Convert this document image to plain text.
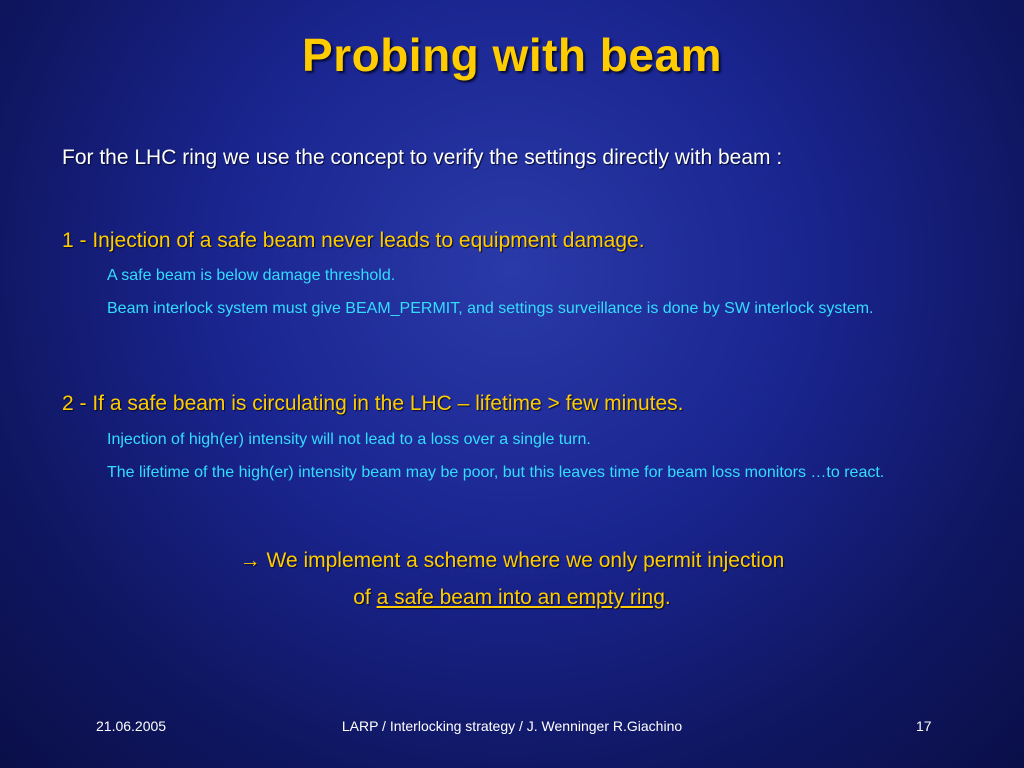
Probing with beam
For the LHC ring we use the concept to verify the settings directly with beam :
1 - Injection of a safe beam never leads to equipment damage.
A safe beam is below damage threshold.
Beam interlock system must give BEAM_PERMIT, and settings surveillance is done by SW interlock system.
2 - If a safe beam is circulating in the LHC – lifetime > few minutes.
Injection of high(er) intensity will not lead to a loss over a single turn.
The lifetime of the high(er) intensity beam may be poor, but this leaves time for beam loss monitors …to react.
→ We implement a scheme where we only permit injection
of a safe beam into an empty ring.
21.06.2005	LARP / Interlocking strategy / J. Wenninger R.Giachino	17
